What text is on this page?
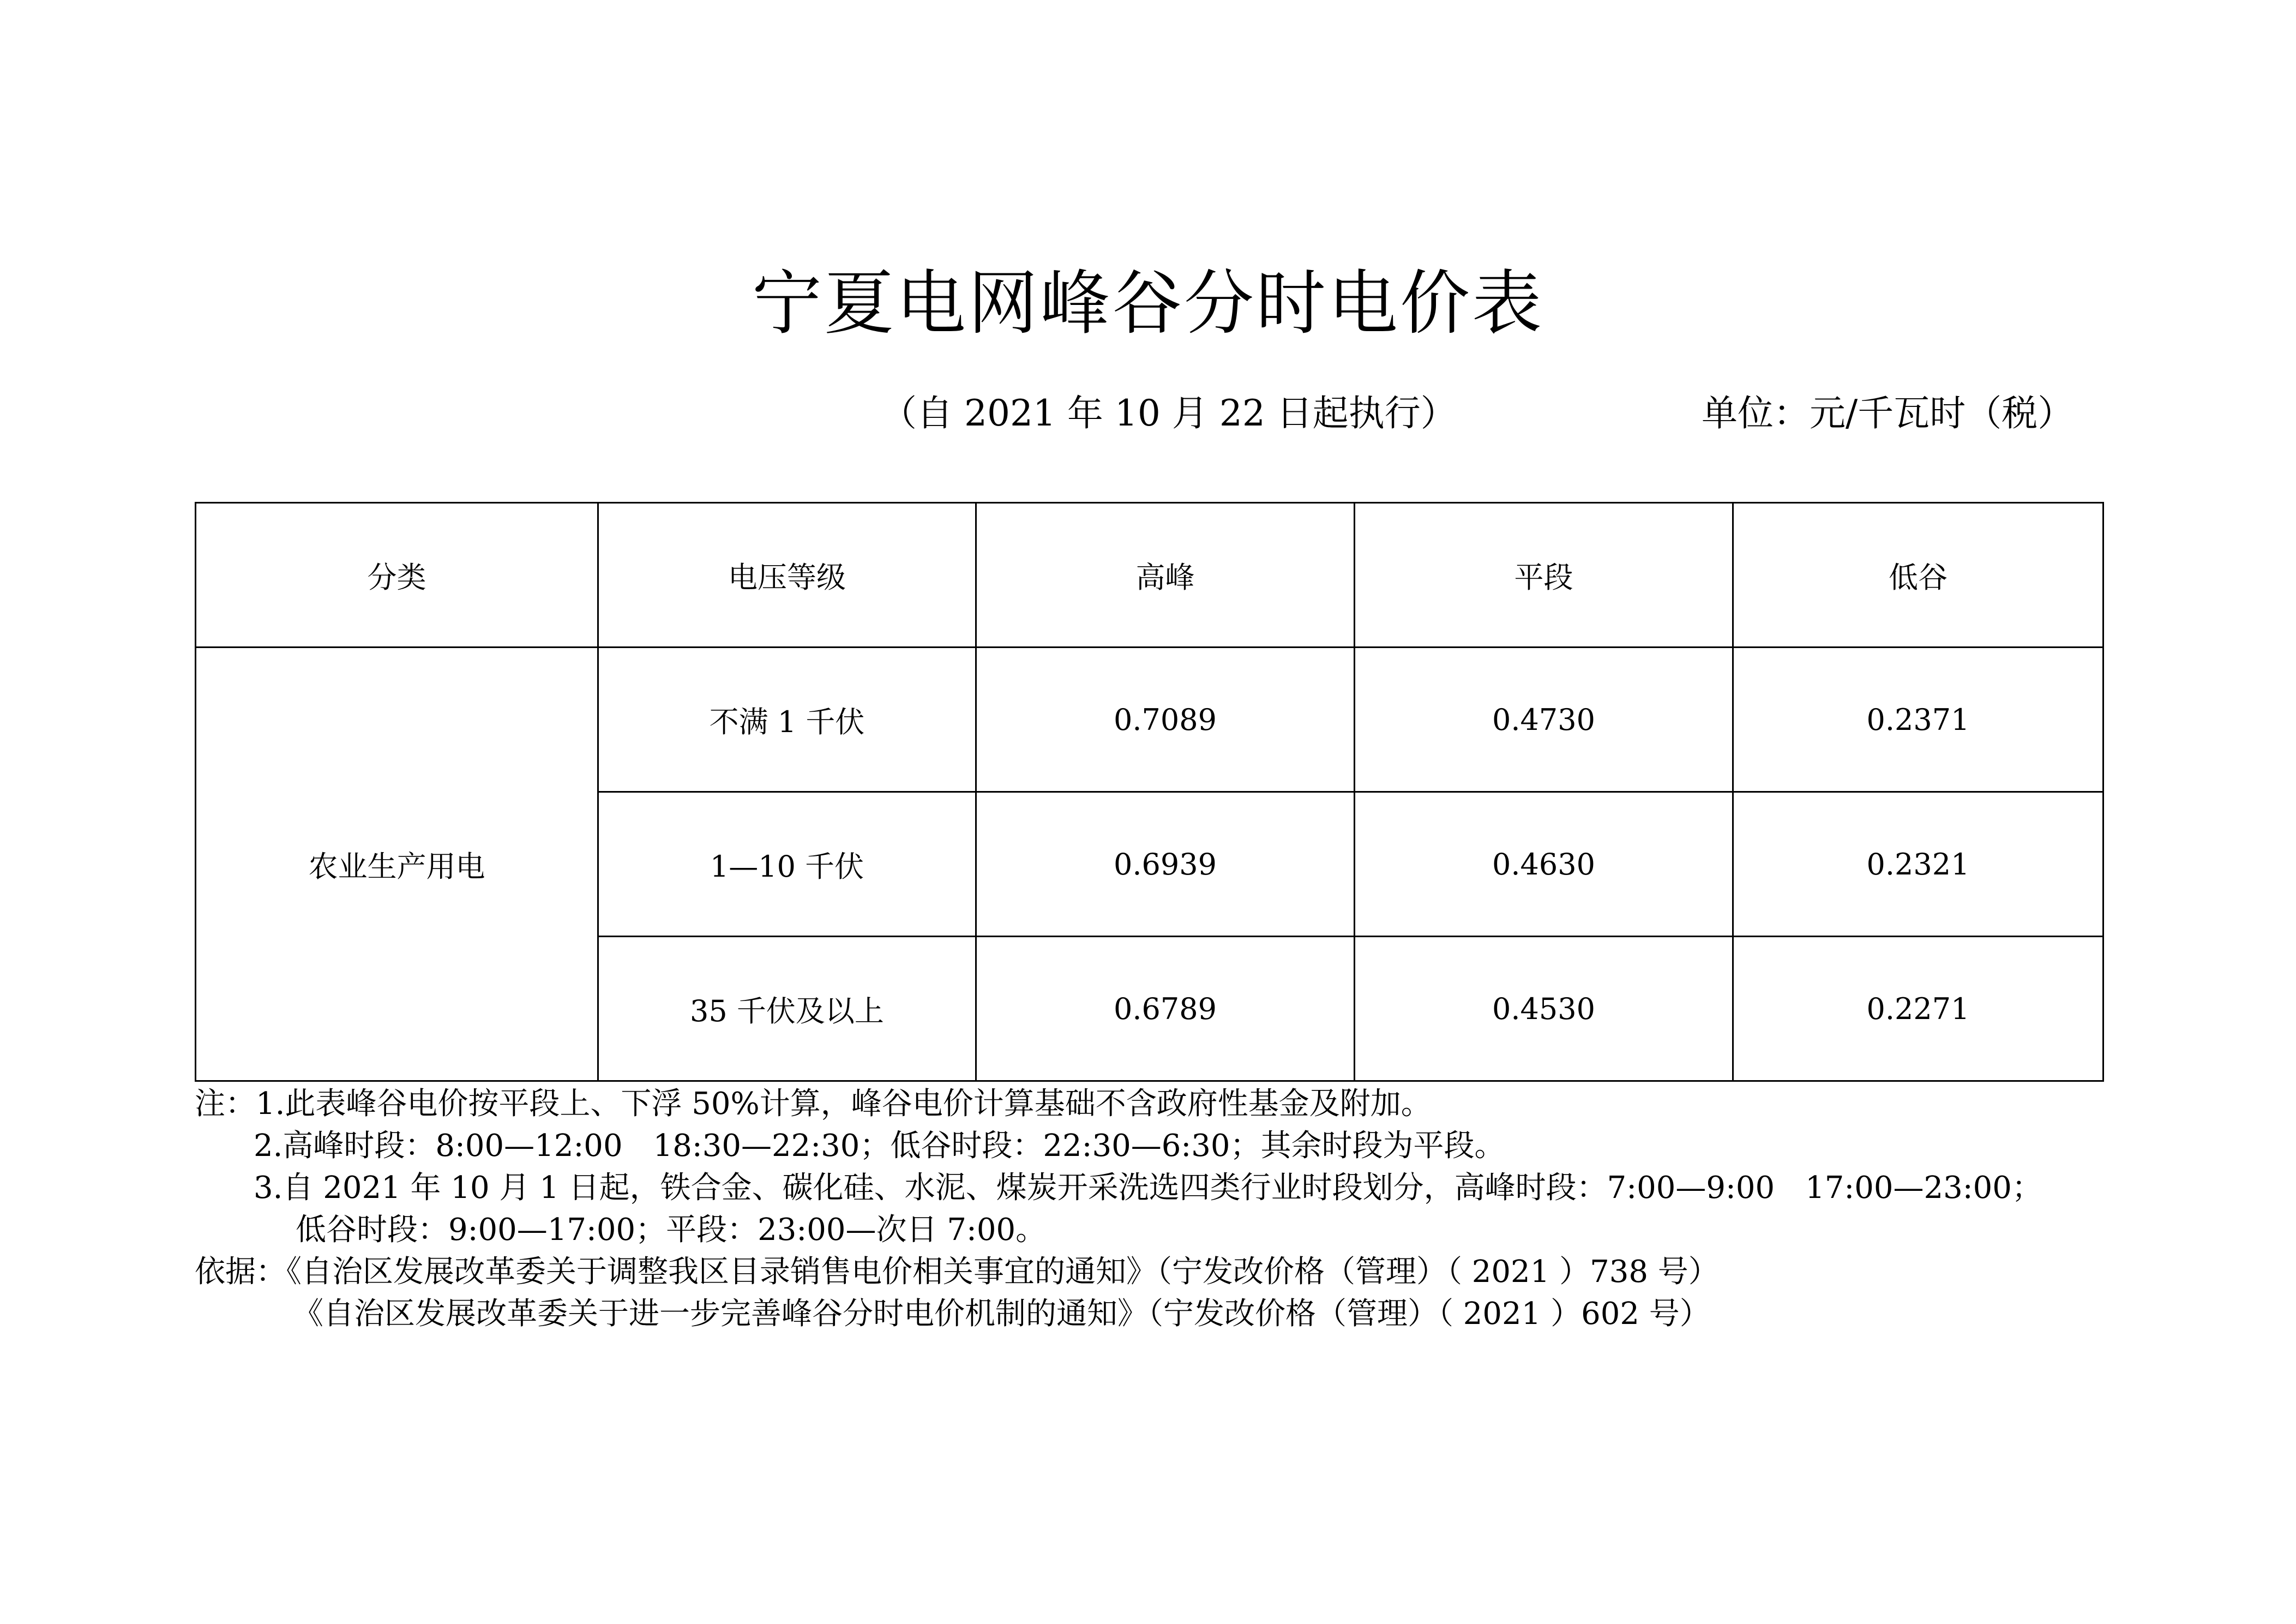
宁夏电网峰谷分时电价表
（自 2021 年 10 月 22 日起执行）	单位：元/千瓦时（税）
分类	电压等级	高峰	平段	低谷
农业生产用电	不满 1 千伏	0.7089	0.4730	0.2371
	1—10 千伏	0.6939	0.4630	0.2321
	35 千伏及以上	0.6789	0.4530	0.2271
注：1.此表峰谷电价按平段上、下浮 50%计算，峰谷电价计算基础不含政府性基金及附加。
2.高峰时段：8:00—12:00　18:30—22:30；低谷时段：22:30—6:30；其余时段为平段。
3.自 2021 年 10 月 1 日起，铁合金、碳化硅、水泥、煤炭开采洗选四类行业时段划分，高峰时段：7:00—9:00　17:00—23:00；
低谷时段：9:00—17:00；平段：23:00—次日 7:00。
依据：《自治区发展改革委关于调整我区目录销售电价相关事宜的通知》（宁发改价格（管理）（ 2021 ）738 号）
《自治区发展改革委关于进一步完善峰谷分时电价机制的通知》（宁发改价格（管理）（ 2021 ）602 号）
